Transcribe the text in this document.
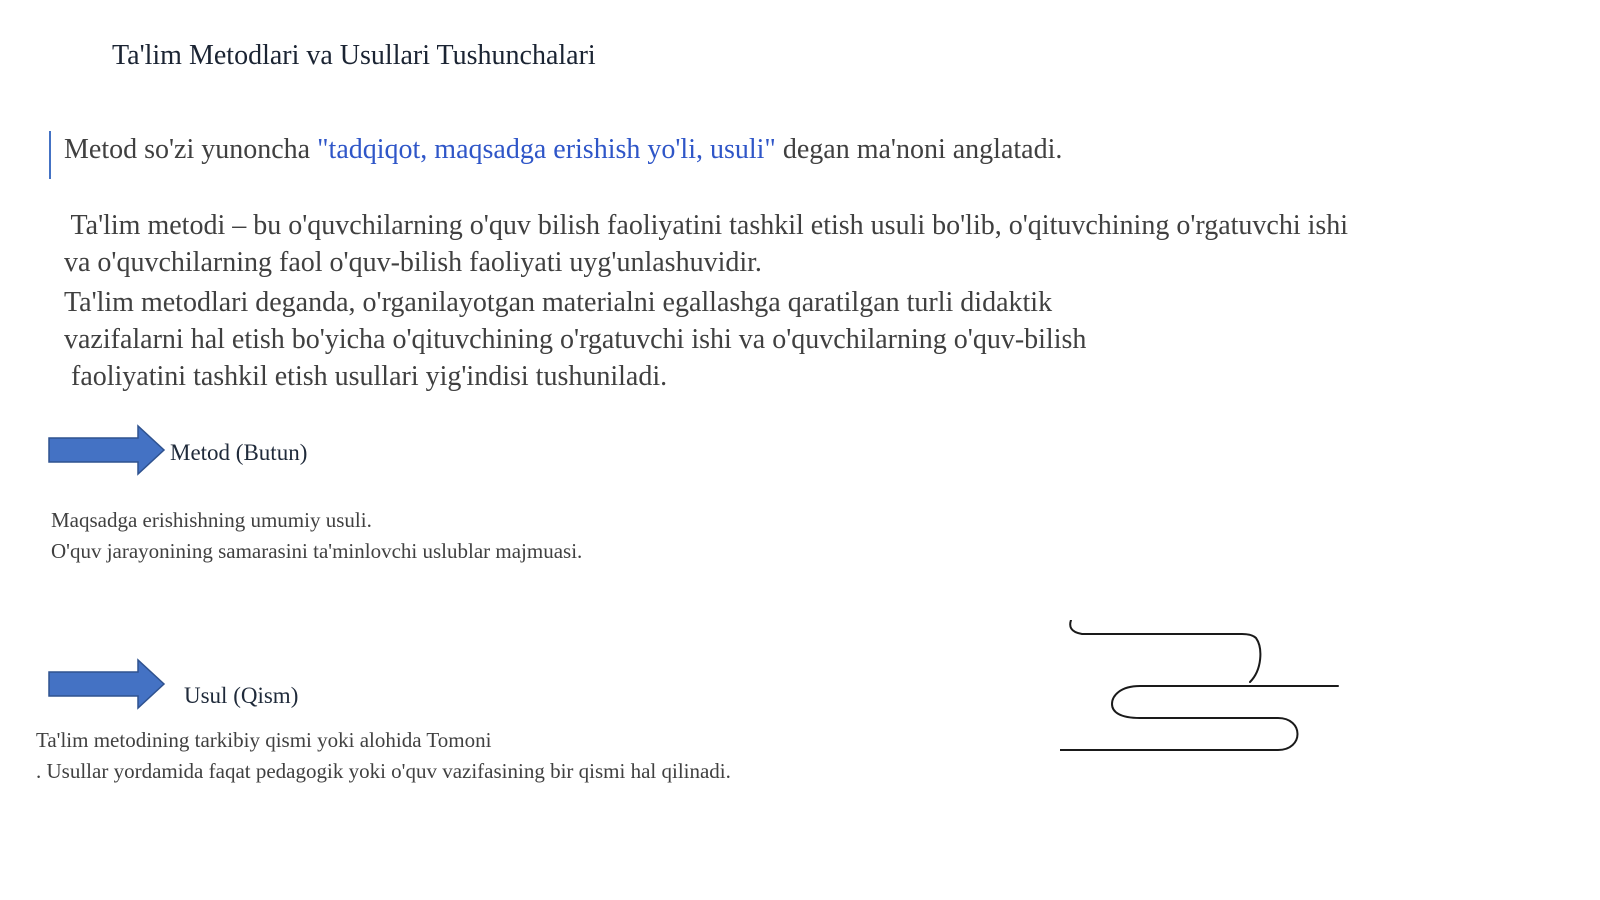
Ta'lim Metodlari va Usullari Tushunchalari
Metod so'zi yunoncha "tadqiqot, maqsadga erishish yo'li, usuli" degan ma'noni anglatadi.
Ta'lim metodi – bu o'quvchilarning o'quv bilish faoliyatini tashkil etish usuli bo'lib, o'qituvchining o'rgatuvchi ishi
va o'quvchilarning faol o'quv-bilish faoliyati uyg'unlashuvidir.
Ta'lim metodlari deganda, o'rganilayotgan materialni egallashga qaratilgan turli didaktik
vazifalarni hal etish bo'yicha o'qituvchining o'rgatuvchi ishi va o'quvchilarning o'quv-bilish
faoliyatini tashkil etish usullari yig'indisi tushuniladi.
Metod (Butun)
Maqsadga erishishning umumiy usuli.
O'quv jarayonining samarasini ta'minlovchi uslublar majmuasi.
Usul (Qism)
Ta'lim metodining tarkibiy qismi yoki alohida Tomoni
. Usullar yordamida faqat pedagogik yoki o'quv vazifasining bir qismi hal qilinadi.
